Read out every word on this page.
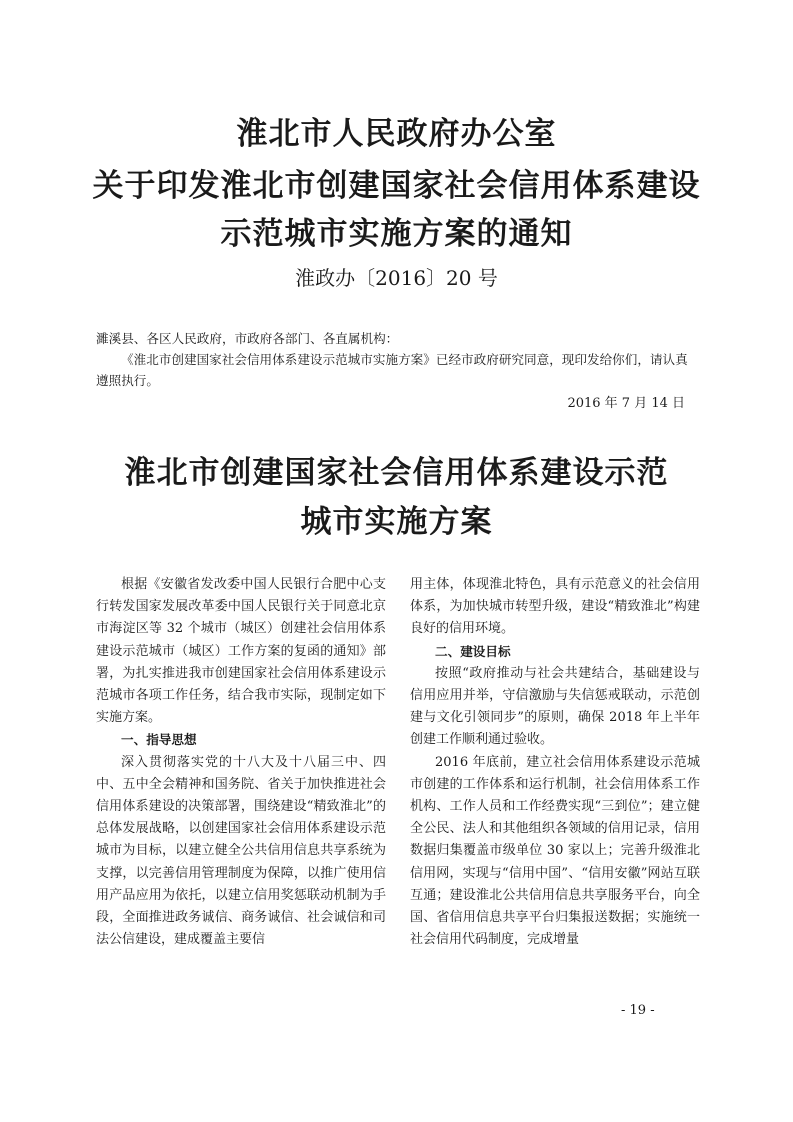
淮北市人民政府办公室
关于印发淮北市创建国家社会信用体系建设
示范城市实施方案的通知
淮政办〔2016〕20 号

濉溪县、各区人民政府，市政府各部门、各直属机构：

《淮北市创建国家社会信用体系建设示范城市实施方案》已经市政府研究同意，现印发给你们，请认真遵照执行。

2016 年 7 月 14 日
淮北市创建国家社会信用体系建设示范
城市实施方案

根据《安徽省发改委中国人民银行合肥中心支行转发国家发展改革委中国人民银行关于同意北京市海淀区等 32 个城市（城区）创建社会信用体系建设示范城市（城区）工作方案的复函的通知》部署，为扎实推进我市创建国家社会信用体系建设示范城市各项工作任务，结合我市实际，现制定如下实施方案。

一、指导思想

深入贯彻落实党的十八大及十八届三中、四中、五中全会精神和国务院、省关于加快推进社会信用体系建设的决策部署，围绕建设“精致淮北”的总体发展战略，以创建国家社会信用体系建设示范城市为目标，以建立健全公共信用信息共享系统为支撑，以完善信用管理制度为保障，以推广使用信用产品应用为依托，以建立信用奖惩联动机制为手段，全面推进政务诚信、商务诚信、社会诚信和司法公信建设，建成覆盖主要信

用主体，体现淮北特色，具有示范意义的社会信用体系，为加快城市转型升级，建设“精致淮北”构建良好的信用环境。

二、建设目标

按照“政府推动与社会共建结合，基础建设与信用应用并举，守信激励与失信惩戒联动，示范创建与文化引领同步”的原则，确保 2018 年上半年创建工作顺利通过验收。

2016 年底前，建立社会信用体系建设示范城市创建的工作体系和运行机制，社会信用体系工作机构、工作人员和工作经费实现“三到位”；建立健全公民、法人和其他组织各领域的信用记录，信用数据归集覆盖市级单位 30 家以上；完善升级淮北信用网，实现与“信用中国”、“信用安徽”网站互联互通；建设淮北公共信用信息共享服务平台，向全国、省信用信息共享平台归集报送数据；实施统一社会信用代码制度，完成增量

- 19 -
